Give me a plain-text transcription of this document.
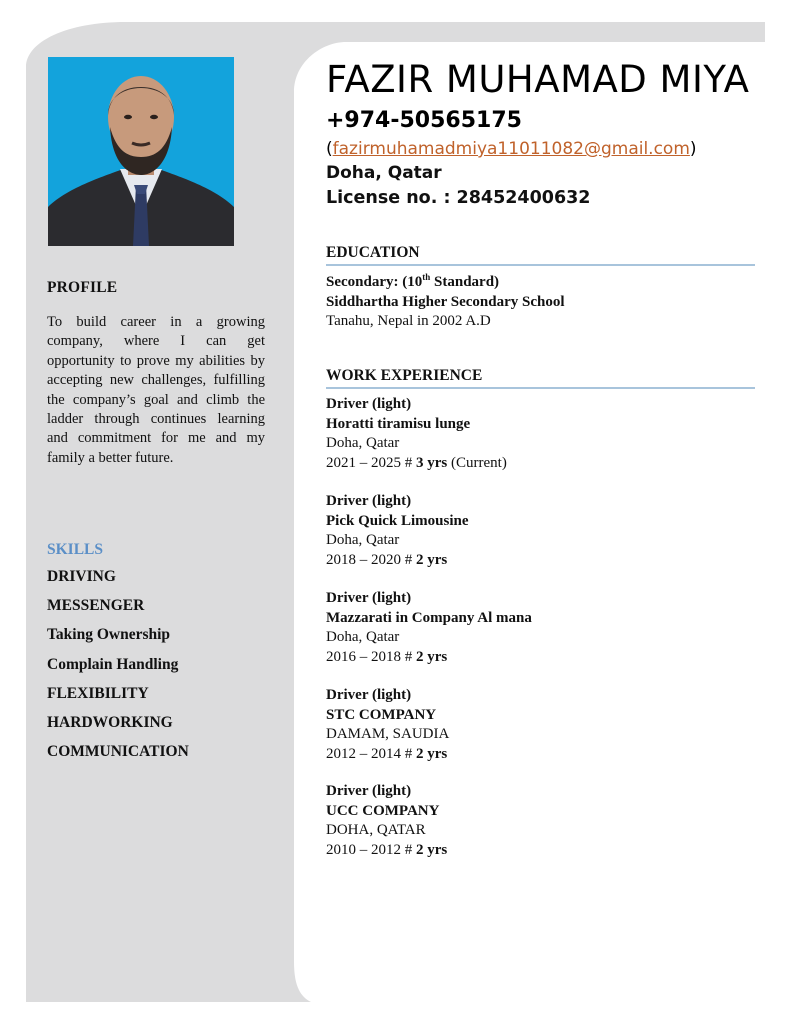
PROFILE
To build career in a growing company, where I can get opportunity to prove my abilities by accepting new challenges, fulfilling the company’s goal and climb the ladder through continues learning and commitment for me and my family a better future.
SKILLS
DRIVING
MESSENGER
Taking Ownership
Complain Handling
FLEXIBILITY
HARDWORKING
COMMUNICATION
FAZIR MUHAMAD MIYA
+974-50565175
(fazirmuhamadmiya11011082@gmail.com)
Doha, Qatar
License no. : 28452400632
EDUCATION
Secondary: (10th Standard)
Siddhartha Higher Secondary School
Tanahu, Nepal in 2002 A.D
WORK EXPERIENCE
Driver (light)
Horatti tiramisu lunge
Doha, Qatar
2021 – 2025 # 3 yrs (Current)
Driver (light)
Pick Quick Limousine
Doha, Qatar
2018 – 2020 # 2 yrs
Driver (light)
Mazzarati in Company Al mana
Doha, Qatar
2016 – 2018 # 2 yrs
Driver (light)
STC COMPANY
DAMAM, SAUDIA
2012 – 2014 # 2 yrs
Driver (light)
UCC COMPANY
DOHA, QATAR
2010 – 2012 # 2 yrs
